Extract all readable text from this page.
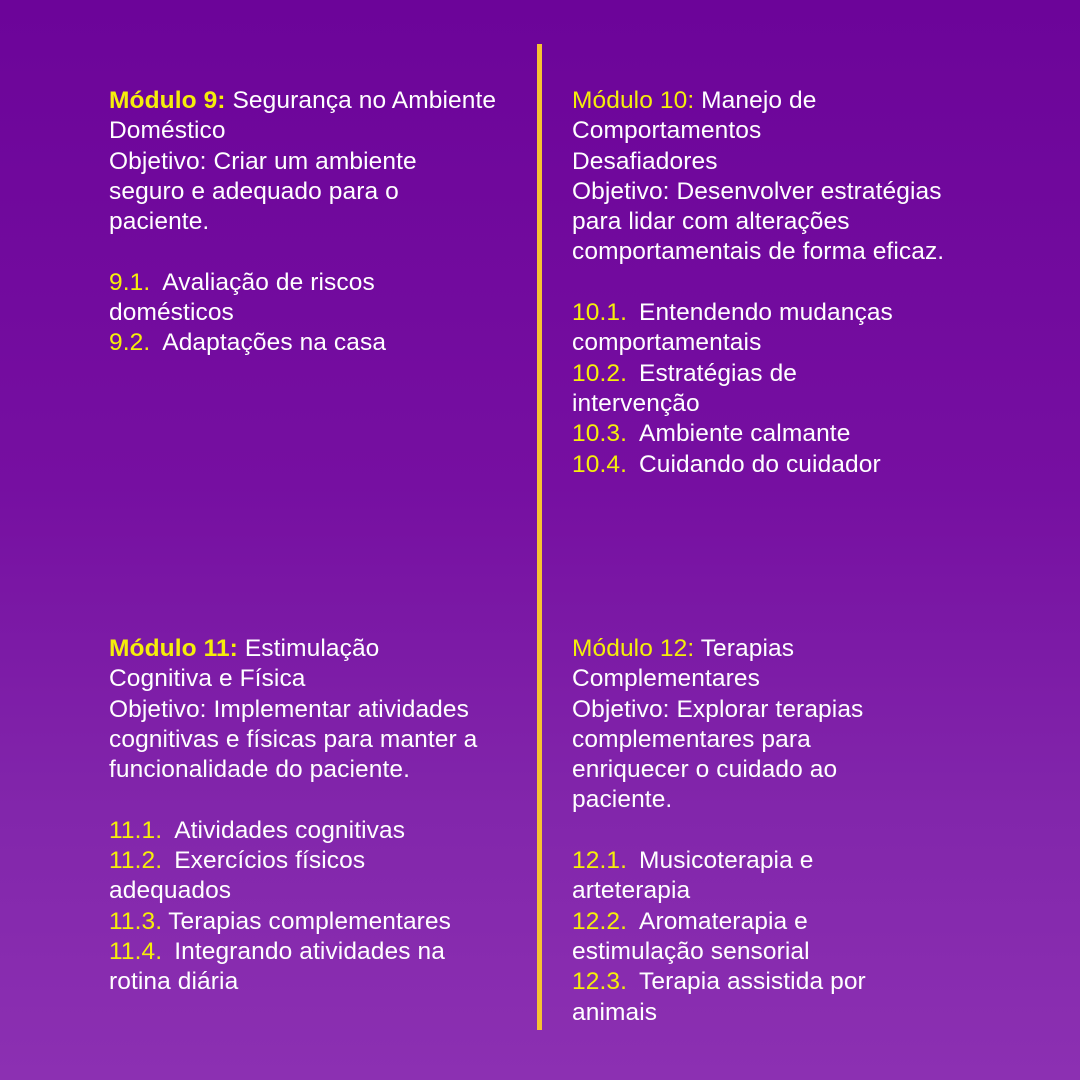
Módulo 9: Segurança no Ambiente Doméstico
Objetivo: Criar um ambiente seguro e adequado para o paciente.
9.1. Avaliação de riscos domésticos
9.2. Adaptações na casa
Módulo 10: Manejo de Comportamentos Desafiadores
Objetivo: Desenvolver estratégias para lidar com alterações comportamentais de forma eficaz.
10.1. Entendendo mudanças comportamentais
10.2. Estratégias de intervenção
10.3. Ambiente calmante
10.4. Cuidando do cuidador
Módulo 11: Estimulação Cognitiva e Física
Objetivo: Implementar atividades cognitivas e físicas para manter a funcionalidade do paciente.
11.1. Atividades cognitivas
11.2. Exercícios físicos adequados
11.3. Terapias complementares
11.4. Integrando atividades na rotina diária
Módulo 12: Terapias Complementares
Objetivo: Explorar terapias complementares para enriquecer o cuidado ao paciente.
12.1. Musicoterapia e arteterapia
12.2. Aromaterapia e estimulação sensorial
12.3. Terapia assistida por animais
